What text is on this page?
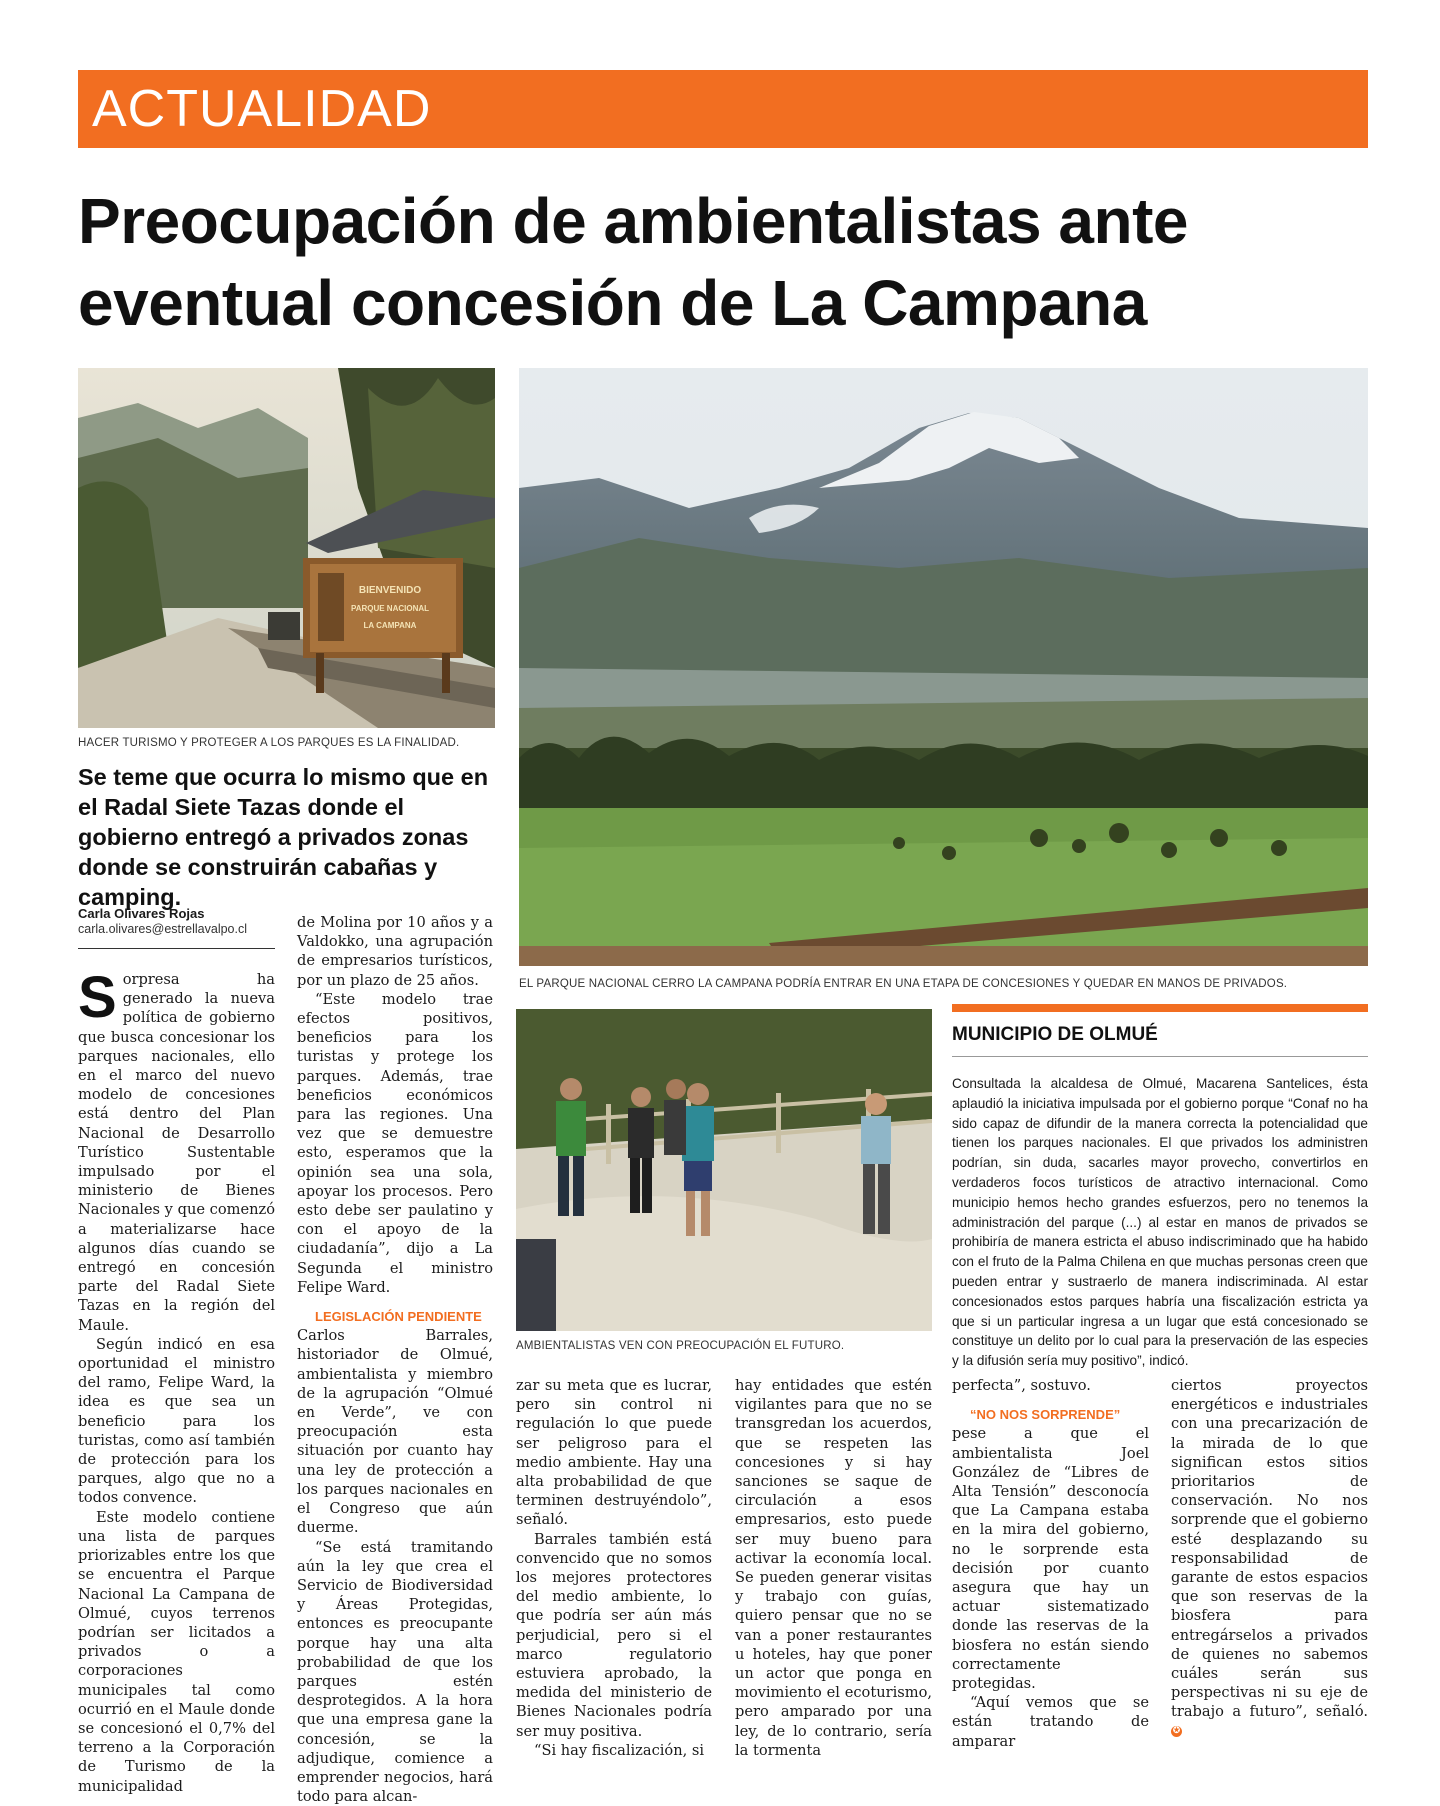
ACTUALIDAD
Preocupación de ambientalistas ante eventual concesión de La Campana
BIENVENIDO
PARQUE NACIONAL
LA CAMPANA
HACER TURISMO Y PROTEGER A LOS PARQUES ES LA FINALIDAD.
EL PARQUE NACIONAL CERRO LA CAMPANA PODRÍA ENTRAR EN UNA ETAPA DE CONCESIONES Y QUEDAR EN MANOS DE PRIVADOS.

Se teme que ocurra lo mismo que en el Radal Siete Tazas donde el gobierno entregó a privados zonas donde se construirán cabañas y camping.

Carla Olivares Rojas
carla.olivares@estrellavalpo.cl

Sorpresa ha generado la nueva política de gobierno que busca concesionar los parques nacionales, ello en el marco del nuevo modelo de concesiones está dentro del Plan Nacional de Desarrollo Turístico Sustentable impulsado por el ministerio de Bienes Nacionales y que comenzó a materializarse hace algunos días cuando se entregó en concesión parte del Radal Siete Tazas en la región del Maule.

Según indicó en esa oportunidad el ministro del ramo, Felipe Ward, la idea es que sea un beneficio para los turistas, como así también de protección para los parques, algo que no a todos convence.

Este modelo contiene una lista de parques priorizables entre los que se encuentra el Parque Nacional La Campana de Olmué, cuyos terrenos podrían ser licitados a privados o a corporaciones municipales tal como ocurrió en el Maule donde se concesionó el 0,7% del terreno a la Corporación de Turismo de la municipalidad

de Molina por 10 años y a Valdokko, una agrupación de empresarios turísticos, por un plazo de 25 años.

“Este modelo trae efectos positivos, beneficios para los turistas y protege los parques. Además, trae beneficios económicos para las regiones. Una vez que se demuestre esto, esperamos que la opinión sea una sola, apoyar los procesos. Pero esto debe ser paulatino y con el apoyo de la ciudadanía”, dijo a La Segunda el ministro Felipe Ward.

LEGISLACIÓN PENDIENTE

Carlos Barrales, historiador de Olmué, ambientalista y miembro de la agrupación “Olmué en Verde”, ve con preocupación esta situación por cuanto hay una ley de protección a los parques nacionales en el Congreso que aún duerme.

“Se está tramitando aún la ley que crea el Servicio de Biodiversidad y Áreas Protegidas, entonces es preocupante porque hay una alta probabilidad de que los parques estén desprotegidos. A la hora que una empresa gane la concesión, se la adjudique, comience a emprender negocios, hará todo para alcan-

AMBIENTALISTAS VEN CON PREOCUPACIÓN EL FUTURO.

zar su meta que es lucrar, pero sin control ni regulación lo que puede ser peligroso para el medio ambiente. Hay una alta probabilidad de que terminen destruyéndolo”, señaló.

Barrales también está convencido que no somos los mejores protectores del medio ambiente, lo que podría ser aún más perjudicial, pero si el marco regulatorio estuviera aprobado, la medida del ministerio de Bienes Nacionales podría ser muy positiva.

“Si hay fiscalización, si

hay entidades que estén vigilantes para que no se transgredan los acuerdos, que se respeten las concesiones y si hay sanciones se saque de circulación a esos empresarios, esto puede ser muy bueno para activar la economía local. Se pueden generar visitas y trabajo con guías, quiero pensar que no se van a poner restaurantes u hoteles, hay que poner un actor que ponga en movimiento el ecoturismo, pero amparado por una ley, de lo contrario, sería la tormenta

MUNICIPIO DE OLMUÉ

Consultada la alcaldesa de Olmué, Macarena Santelices, ésta aplaudió la iniciativa impulsada por el gobierno porque “Conaf no ha sido capaz de difundir de la manera correcta la potencialidad que tienen los parques nacionales. El que privados los administren podrían, sin duda, sacarles mayor provecho, convertirlos en verdaderos focos turísticos de atractivo internacional. Como municipio hemos hecho grandes esfuerzos, pero no tenemos la administración del parque (...) al estar en manos de privados se prohibiría de manera estricta el abuso indiscriminado que ha habido con el fruto de la Palma Chilena en que muchas personas creen que pueden entrar y sustraerlo de manera indiscriminada. Al estar concesionados estos parques habría una fiscalización estricta ya que si un particular ingresa a un lugar que está concesionado se constituye un delito por lo cual para la preservación de las especies y la difusión sería muy positivo”, indicó.

perfecta”, sostuvo.

“NO NOS SORPRENDE”

pese a que el ambientalista Joel González de “Libres de Alta Tensión” desconocía que La Campana estaba en la mira del gobierno, no le sorprende esta decisión por cuanto asegura que hay un actuar sistematizado donde las reservas de la biosfera no están siendo correctamente protegidas.

“Aquí vemos que se están tratando de amparar

ciertos proyectos energéticos e industriales con una precarización de la mirada de lo que significan estos sitios prioritarios de conservación. No nos sorprende que el gobierno esté desplazando su responsabilidad de garante de estos espacios que son reservas de la biosfera para entregárselos a privados de quienes no sabemos cuáles serán sus perspectivas ni su eje de trabajo a futuro”, señaló. ✪
